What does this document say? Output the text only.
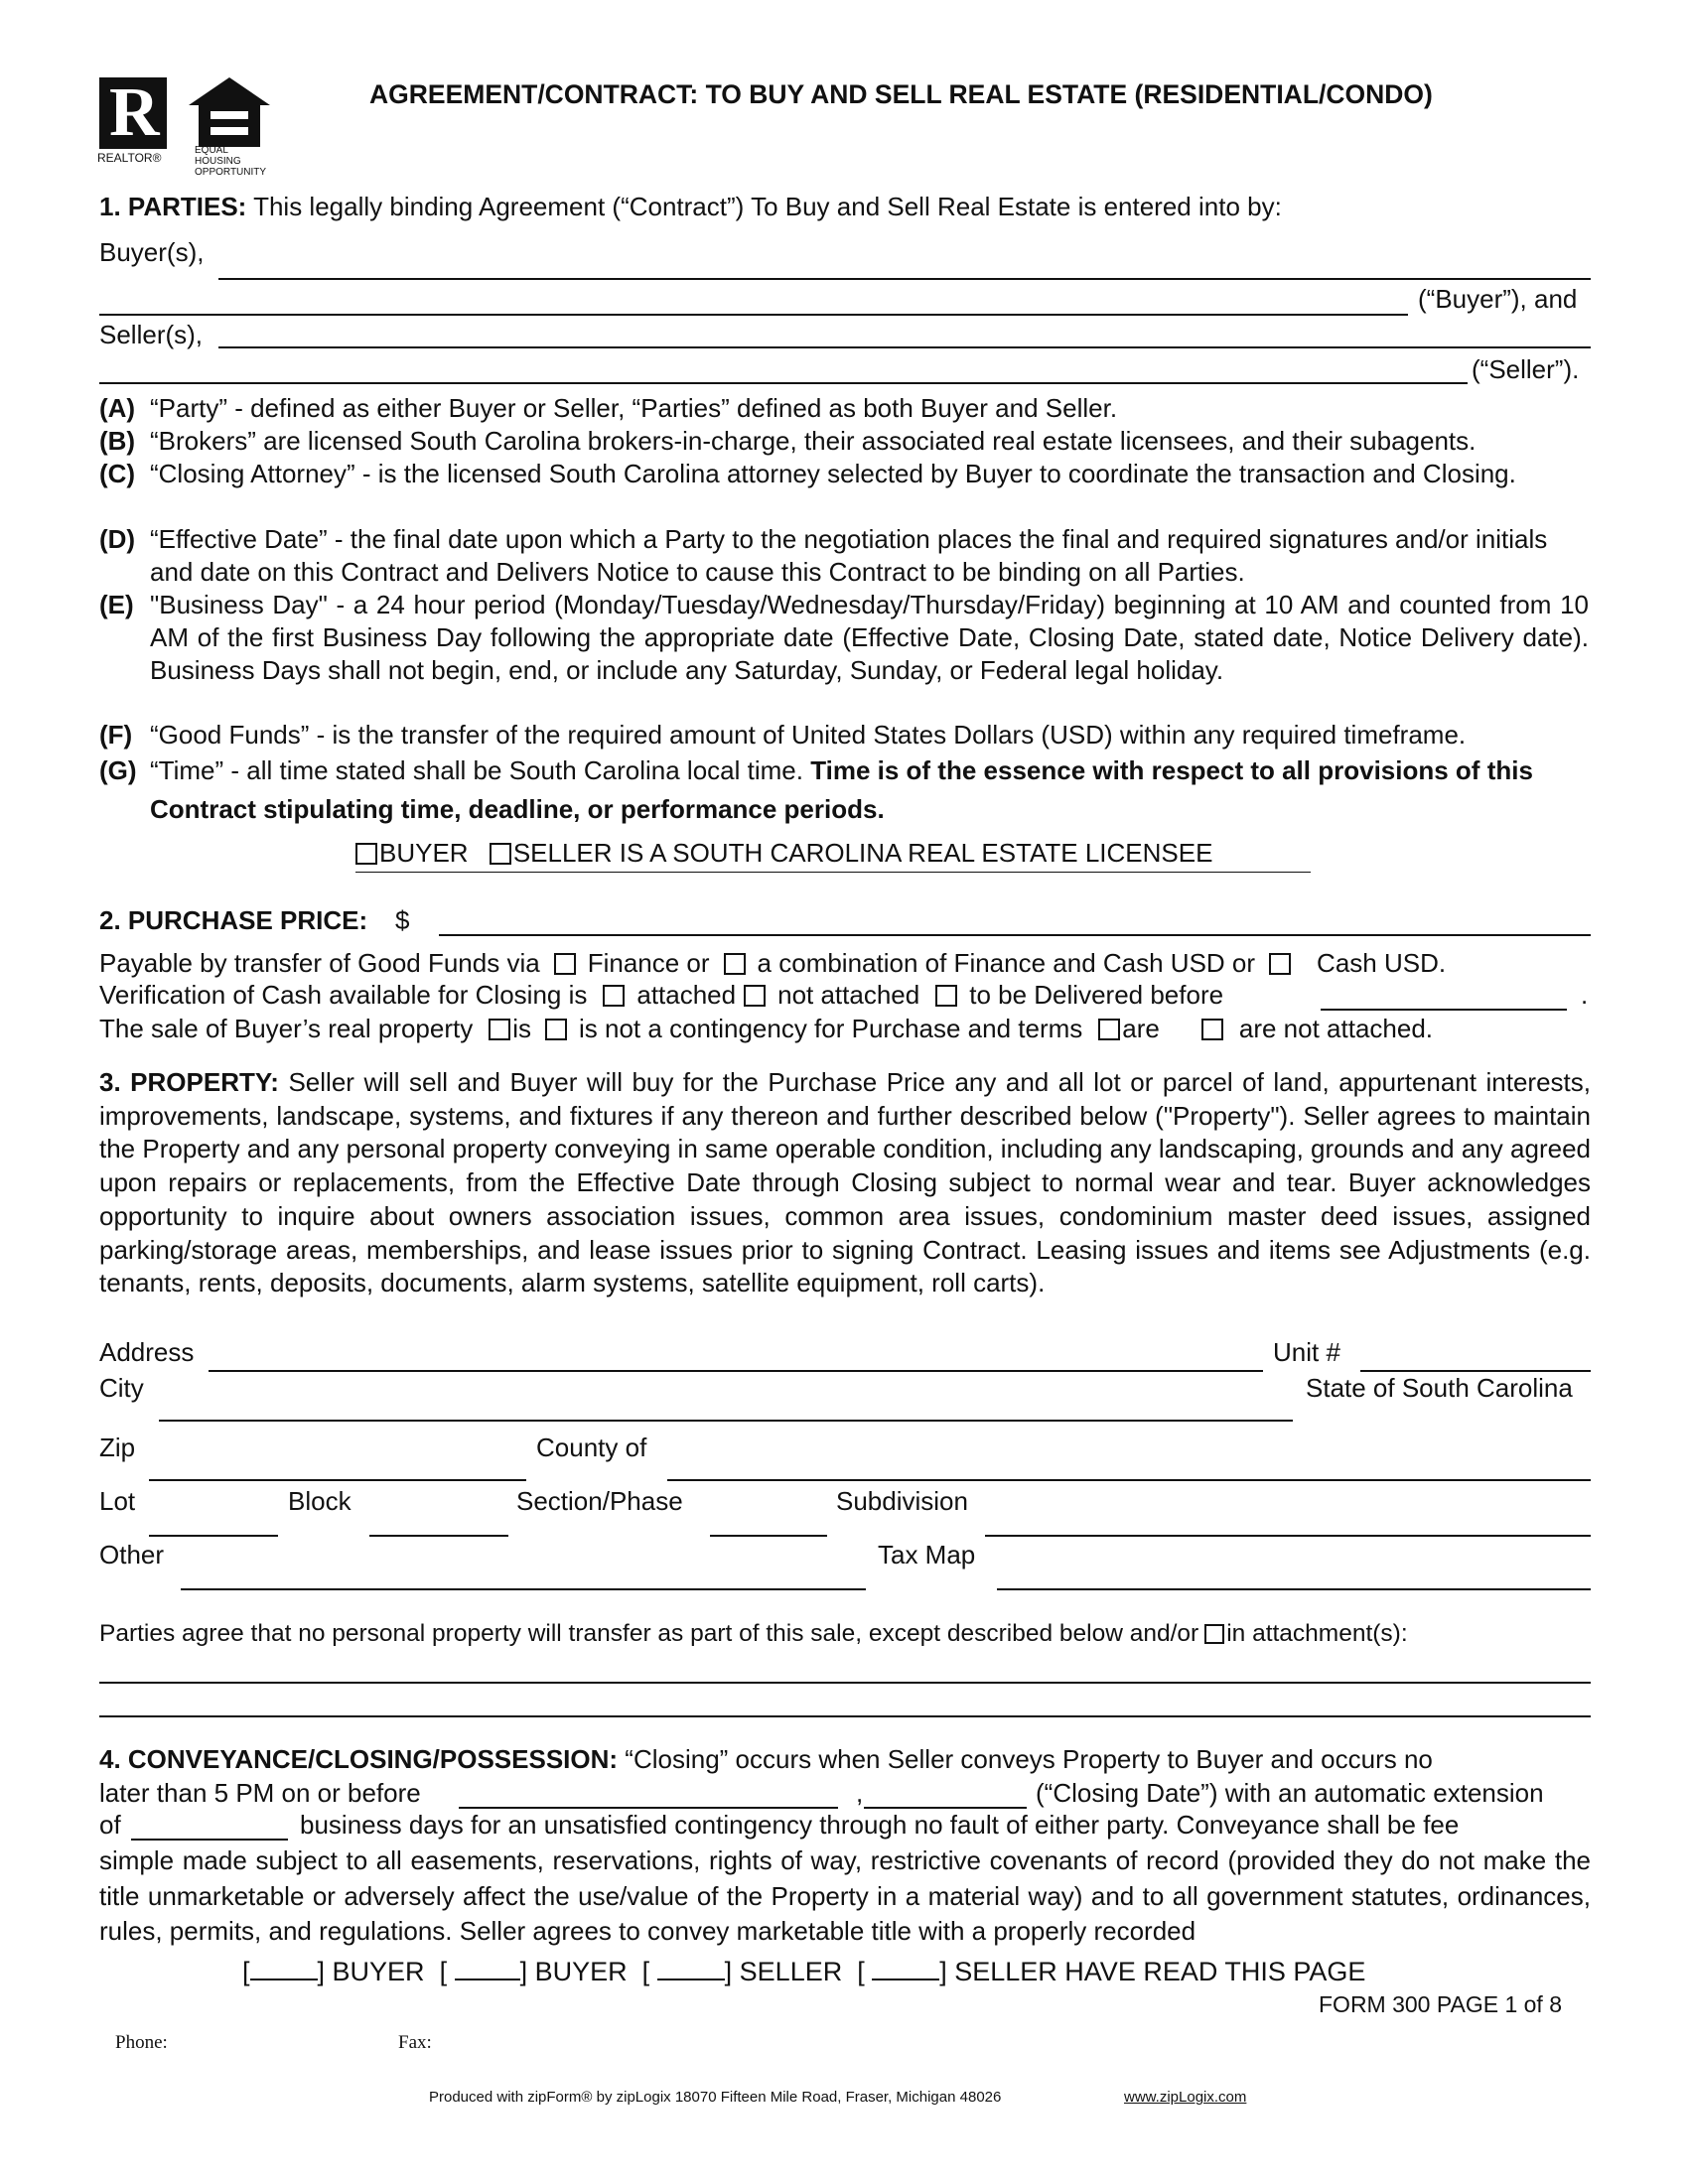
R
REALTOR®
EQUAL HOUSING OPPORTUNITY
AGREEMENT/CONTRACT: TO BUY AND SELL REAL ESTATE (RESIDENTIAL/CONDO)
1. PARTIES: This legally binding Agreement (“Contract”) To Buy and Sell Real Estate is entered into by:
Buyer(s),
(“Buyer”), and
Seller(s),
(“Seller”).
(A) “Party” - defined as either Buyer or Seller, “Parties” defined as both Buyer and Seller.
(B) “Brokers” are licensed South Carolina brokers-in-charge, their associated real estate licensees, and their subagents.
(C) “Closing Attorney” - is the licensed South Carolina attorney selected by Buyer to coordinate the transaction and Closing.
(D) “Effective Date” - the final date upon which a Party to the negotiation places the final and required signatures and/or initials and date on this Contract and Delivers Notice to cause this Contract to be binding on all Parties.
(E) "Business Day" - a 24 hour period (Monday/Tuesday/Wednesday/Thursday/Friday) beginning at 10 AM and counted from 10 AM of the first Business Day following the appropriate date (Effective Date, Closing Date, stated date, Notice Delivery date). Business Days shall not begin, end, or include any Saturday, Sunday, or Federal legal holiday.
(F) “Good Funds” - is the transfer of the required amount of United States Dollars (USD) within any required timeframe.
(G) “Time” - all time stated shall be South Carolina local time. Time is of the essence with respect to all provisions of this Contract stipulating time, deadline, or performance periods.
BUYER SELLER IS A SOUTH CAROLINA REAL ESTATE LICENSEE
2. PURCHASE PRICE: $
Payable by transfer of Good Funds via Finance or a combination of Finance and Cash USD or Cash USD.
Verification of Cash available for Closing is attached not attached to be Delivered before	.
The sale of Buyer’s real property is is not a contingency for Purchase and terms are	are not attached.
3. PROPERTY: Seller will sell and Buyer will buy for the Purchase Price any and all lot or parcel of land, appurtenant interests, improvements, landscape, systems, and fixtures if any thereon and further described below ("Property"). Seller agrees to maintain the Property and any personal property conveying in same operable condition, including any landscaping, grounds and any agreed upon repairs or replacements, from the Effective Date through Closing subject to normal wear and tear. Buyer acknowledges opportunity to inquire about owners association issues, common area issues, condominium master deed issues, assigned parking/storage areas, memberships, and lease issues prior to signing Contract. Leasing issues and items see Adjustments (e.g. tenants, rents, deposits, documents, alarm systems, satellite equipment, roll carts).
Address	Unit #
City	State of South Carolina
Zip	County of
Lot	Block	Section/Phase	Subdivision
Other	Tax Map
Parties agree that no personal property will transfer as part of this sale, except described below and/or in attachment(s):
4. CONVEYANCE/CLOSING/POSSESSION: “Closing” occurs when Seller conveys Property to Buyer and occurs no
later than 5 PM on or before	,	(“Closing Date”) with an automatic extension
of	business days for an unsatisfied contingency through no fault of either party. Conveyance shall be fee
simple made subject to all easements, reservations, rights of way, restrictive covenants of record (provided they do not make the title unmarketable or adversely affect the use/value of the Property in a material way) and to all government statutes, ordinances, rules, permits, and regulations. Seller agrees to convey marketable title with a properly recorded
[	] BUYER  [ ] BUYER  [	] SELLER  [	] SELLER HAVE READ THIS PAGE
FORM 300 PAGE 1 of 8
Phone:	Fax:
Produced with zipForm® by zipLogix 18070 Fifteen Mile Road, Fraser, Michigan 48026	www.zipLogix.com
